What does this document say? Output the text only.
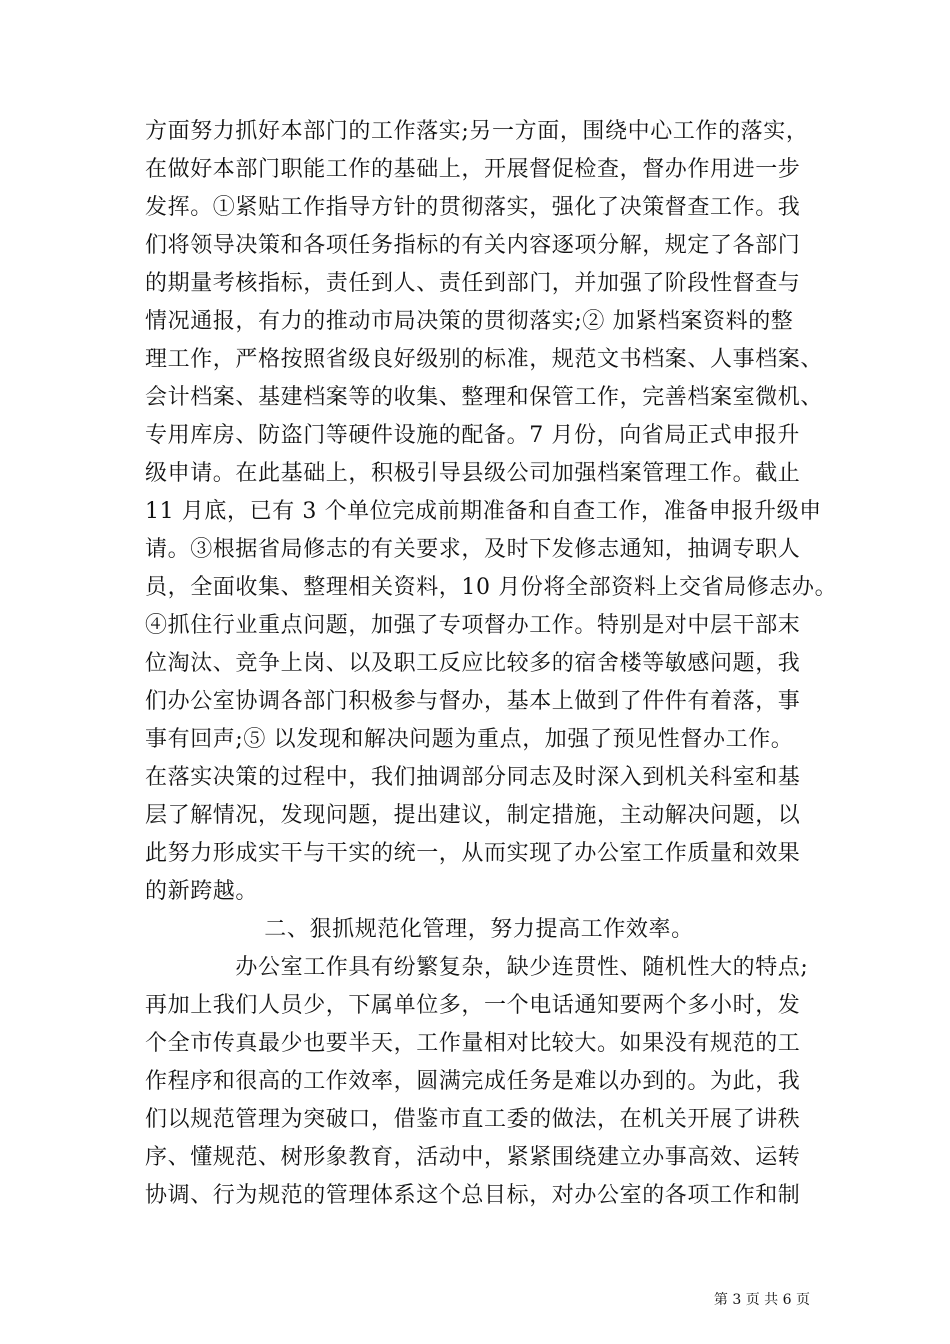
方面努力抓好本部门的工作落实;另一方面，围绕中心工作的落实，
在做好本部门职能工作的基础上，开展督促检查，督办作用进一步
发挥。①紧贴工作指导方针的贯彻落实，强化了决策督查工作。我
们将领导决策和各项任务指标的有关内容逐项分解，规定了各部门
的期量考核指标，责任到人、责任到部门，并加强了阶段性督查与
情况通报，有力的推动市局决策的贯彻落实;② 加紧档案资料的整
理工作，严格按照省级良好级别的标准，规范文书档案、人事档案、
会计档案、基建档案等的收集、整理和保管工作，完善档案室微机、
专用库房、防盗门等硬件设施的配备。7 月份，向省局正式申报升
级申请。在此基础上，积极引导县级公司加强档案管理工作。截止
11 月底，已有 3 个单位完成前期准备和自查工作，准备申报升级申
请。③根据省局修志的有关要求，及时下发修志通知，抽调专职人
员，全面收集、整理相关资料，10 月份将全部资料上交省局修志办。
④抓住行业重点问题，加强了专项督办工作。特别是对中层干部末
位淘汰、竞争上岗、以及职工反应比较多的宿舍楼等敏感问题，我
们办公室协调各部门积极参与督办，基本上做到了件件有着落，事
事有回声;⑤ 以发现和解决问题为重点，加强了预见性督办工作。
在落实决策的过程中，我们抽调部分同志及时深入到机关科室和基
层了解情况，发现问题，提出建议，制定措施，主动解决问题，以
此努力形成实干与干实的统一，从而实现了办公室工作质量和效果
的新跨越。
二、狠抓规范化管理，努力提高工作效率。
　　　　办公室工作具有纷繁复杂，缺少连贯性、随机性大的特点;
再加上我们人员少，下属单位多，一个电话通知要两个多小时，发
个全市传真最少也要半天，工作量相对比较大。如果没有规范的工
作程序和很高的工作效率，圆满完成任务是难以办到的。为此，我
们以规范管理为突破口，借鉴市直工委的做法，在机关开展了讲秩
序、懂规范、树形象教育，活动中，紧紧围绕建立办事高效、运转
协调、行为规范的管理体系这个总目标，对办公室的各项工作和制
第 3 页 共 6 页
